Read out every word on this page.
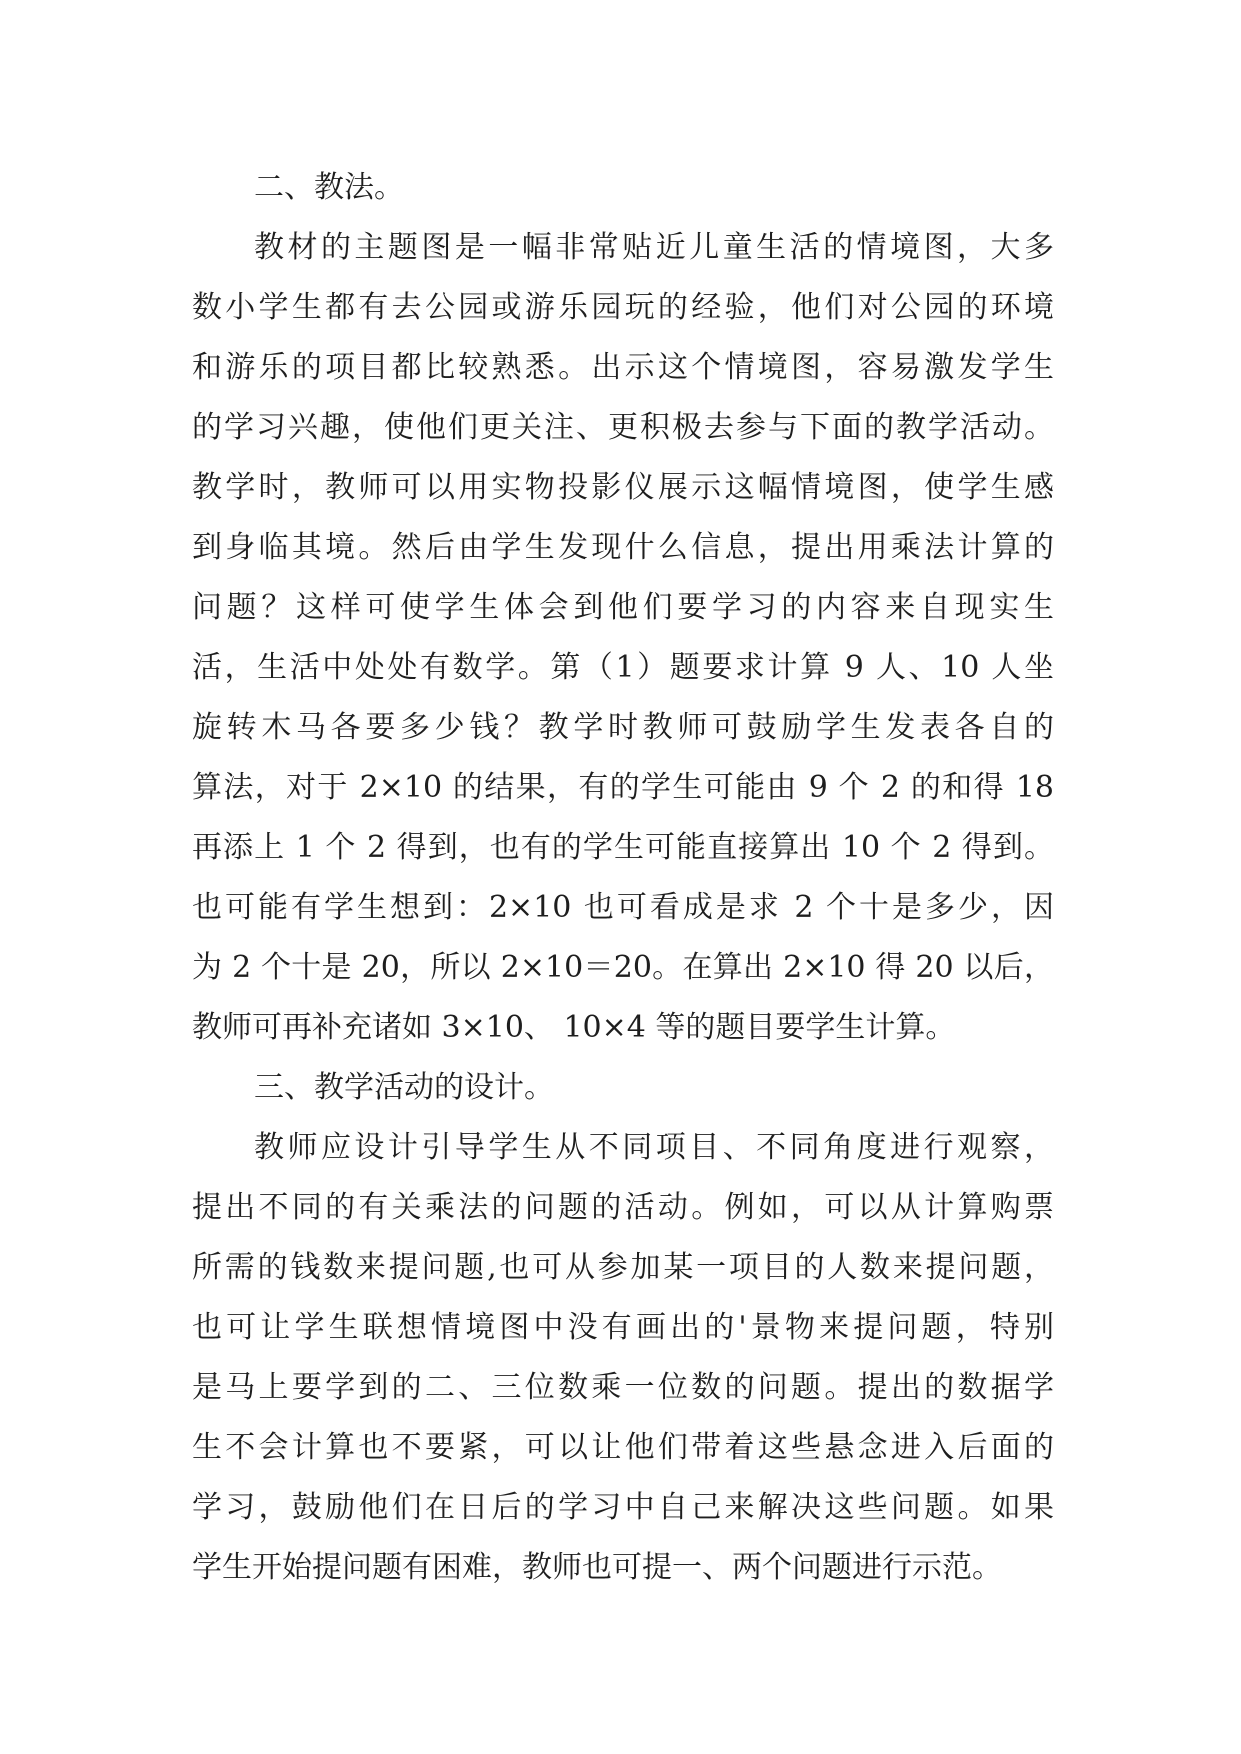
二、教法。
教材的主题图是一幅非常贴近儿童生活的情境图，大多
数小学生都有去公园或游乐园玩的经验，他们对公园的环境
和游乐的项目都比较熟悉。出示这个情境图，容易激发学生
的学习兴趣，使他们更关注、更积极去参与下面的教学活动。
教学时，教师可以用实物投影仪展示这幅情境图，使学生感
到身临其境。然后由学生发现什么信息，提出用乘法计算的
问题？这样可使学生体会到他们要学习的内容来自现实生
活，生活中处处有数学。第（1）题要求计算 9 人、10 人坐
旋转木马各要多少钱？教学时教师可鼓励学生发表各自的
算法，对于 2×10 的结果，有的学生可能由 9 个 2 的和得 18
再添上 1 个 2 得到，也有的学生可能直接算出 10 个 2 得到。
也可能有学生想到：2×10 也可看成是求 2 个十是多少，因
为 2 个十是 20，所以 2×10＝20。在算出 2×10 得 20 以后，
教师可再补充诸如 3×10、 10×4 等的题目要学生计算。
三、教学活动的设计。
教师应设计引导学生从不同项目、不同角度进行观察，
提出不同的有关乘法的问题的活动。例如，可以从计算购票
所需的钱数来提问题,也可从参加某一项目的人数来提问题，
也可让学生联想情境图中没有画出的'景物来提问题，特别
是马上要学到的二、三位数乘一位数的问题。提出的数据学
生不会计算也不要紧，可以让他们带着这些悬念进入后面的
学习，鼓励他们在日后的学习中自己来解决这些问题。如果
学生开始提问题有困难，教师也可提一、两个问题进行示范。
